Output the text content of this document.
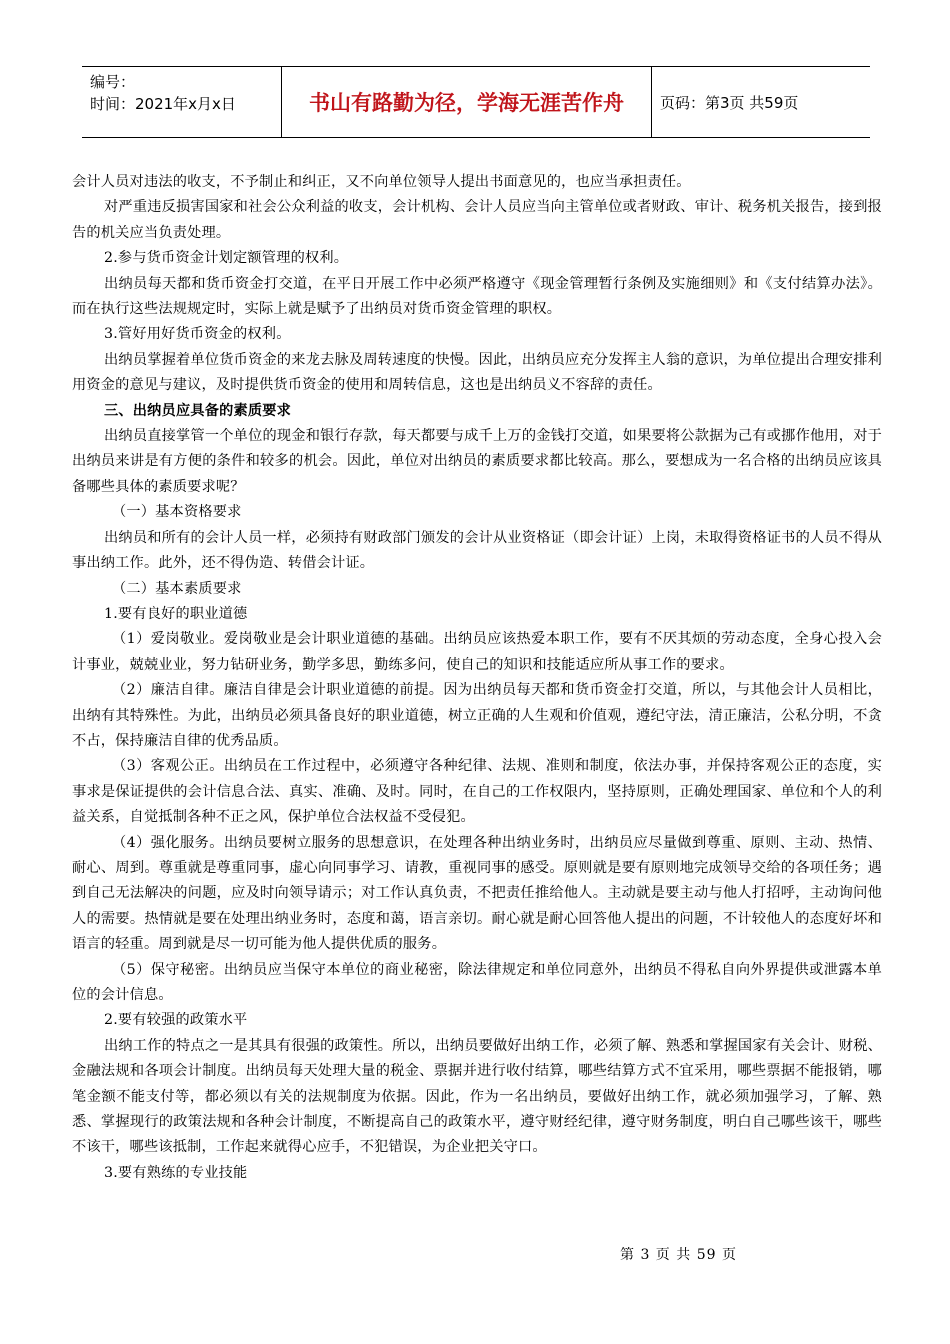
编号：
时间：2021年x月x日	书山有路勤为径，学海无涯苦作舟	页码：第3页 共59页

会计人员对违法的收支，不予制止和纠正，又不向单位领导人提出书面意见的，也应当承担责任。

对严重违反损害国家和社会公众利益的收支，会计机构、会计人员应当向主管单位或者财政、审计、税务机关报告，接到报告的机关应当负责处理。

2.参与货币资金计划定额管理的权利。

出纳员每天都和货币资金打交道，在平日开展工作中必须严格遵守《现金管理暂行条例及实施细则》和《支付结算办法》。而在执行这些法规规定时，实际上就是赋予了出纳员对货币资金管理的职权。

3.管好用好货币资金的权利。

出纳员掌握着单位货币资金的来龙去脉及周转速度的快慢。因此，出纳员应充分发挥主人翁的意识，为单位提出合理安排利用资金的意见与建议，及时提供货币资金的使用和周转信息，这也是出纳员义不容辞的责任。

三、出纳员应具备的素质要求

出纳员直接掌管一个单位的现金和银行存款，每天都要与成千上万的金钱打交道，如果要将公款据为己有或挪作他用，对于出纳员来讲是有方便的条件和较多的机会。因此，单位对出纳员的素质要求都比较高。那么，要想成为一名合格的出纳员应该具备哪些具体的素质要求呢？

（一）基本资格要求

出纳员和所有的会计人员一样，必须持有财政部门颁发的会计从业资格证（即会计证）上岗，未取得资格证书的人员不得从事出纳工作。此外，还不得伪造、转借会计证。

（二）基本素质要求

1.要有良好的职业道德

（1）爱岗敬业。爱岗敬业是会计职业道德的基础。出纳员应该热爱本职工作，要有不厌其烦的劳动态度，全身心投入会计事业，兢兢业业，努力钻研业务，勤学多思，勤练多问，使自己的知识和技能适应所从事工作的要求。

（2）廉洁自律。廉洁自律是会计职业道德的前提。因为出纳员每天都和货币资金打交道，所以，与其他会计人员相比，出纳有其特殊性。为此，出纳员必须具备良好的职业道德，树立正确的人生观和价值观，遵纪守法，清正廉洁，公私分明，不贪不占，保持廉洁自律的优秀品质。

（3）客观公正。出纳员在工作过程中，必须遵守各种纪律、法规、准则和制度，依法办事，并保持客观公正的态度，实事求是保证提供的会计信息合法、真实、准确、及时。同时，在自己的工作权限内，坚持原则，正确处理国家、单位和个人的利益关系，自觉抵制各种不正之风，保护单位合法权益不受侵犯。

（4）强化服务。出纳员要树立服务的思想意识，在处理各种出纳业务时，出纳员应尽量做到尊重、原则、主动、热情、耐心、周到。尊重就是尊重同事，虚心向同事学习、请教，重视同事的感受。原则就是要有原则地完成领导交给的各项任务；遇到自己无法解决的问题，应及时向领导请示；对工作认真负责，不把责任推给他人。主动就是要主动与他人打招呼，主动询问他人的需要。热情就是要在处理出纳业务时，态度和蔼，语言亲切。耐心就是耐心回答他人提出的问题，不计较他人的态度好坏和语言的轻重。周到就是尽一切可能为他人提供优质的服务。

（5）保守秘密。出纳员应当保守本单位的商业秘密，除法律规定和单位同意外，出纳员不得私自向外界提供或泄露本单位的会计信息。

2.要有较强的政策水平

出纳工作的特点之一是其具有很强的政策性。所以，出纳员要做好出纳工作，必须了解、熟悉和掌握国家有关会计、财税、金融法规和各项会计制度。出纳员每天处理大量的税金、票据并进行收付结算，哪些结算方式不宜采用，哪些票据不能报销，哪笔金额不能支付等，都必须以有关的法规制度为依据。因此，作为一名出纳员，要做好出纳工作，就必须加强学习，了解、熟悉、掌握现行的政策法规和各种会计制度，不断提高自己的政策水平，遵守财经纪律，遵守财务制度，明白自己哪些该干，哪些不该干，哪些该抵制，工作起来就得心应手，不犯错误，为企业把关守口。

3.要有熟练的专业技能

第 3 页 共 59 页
